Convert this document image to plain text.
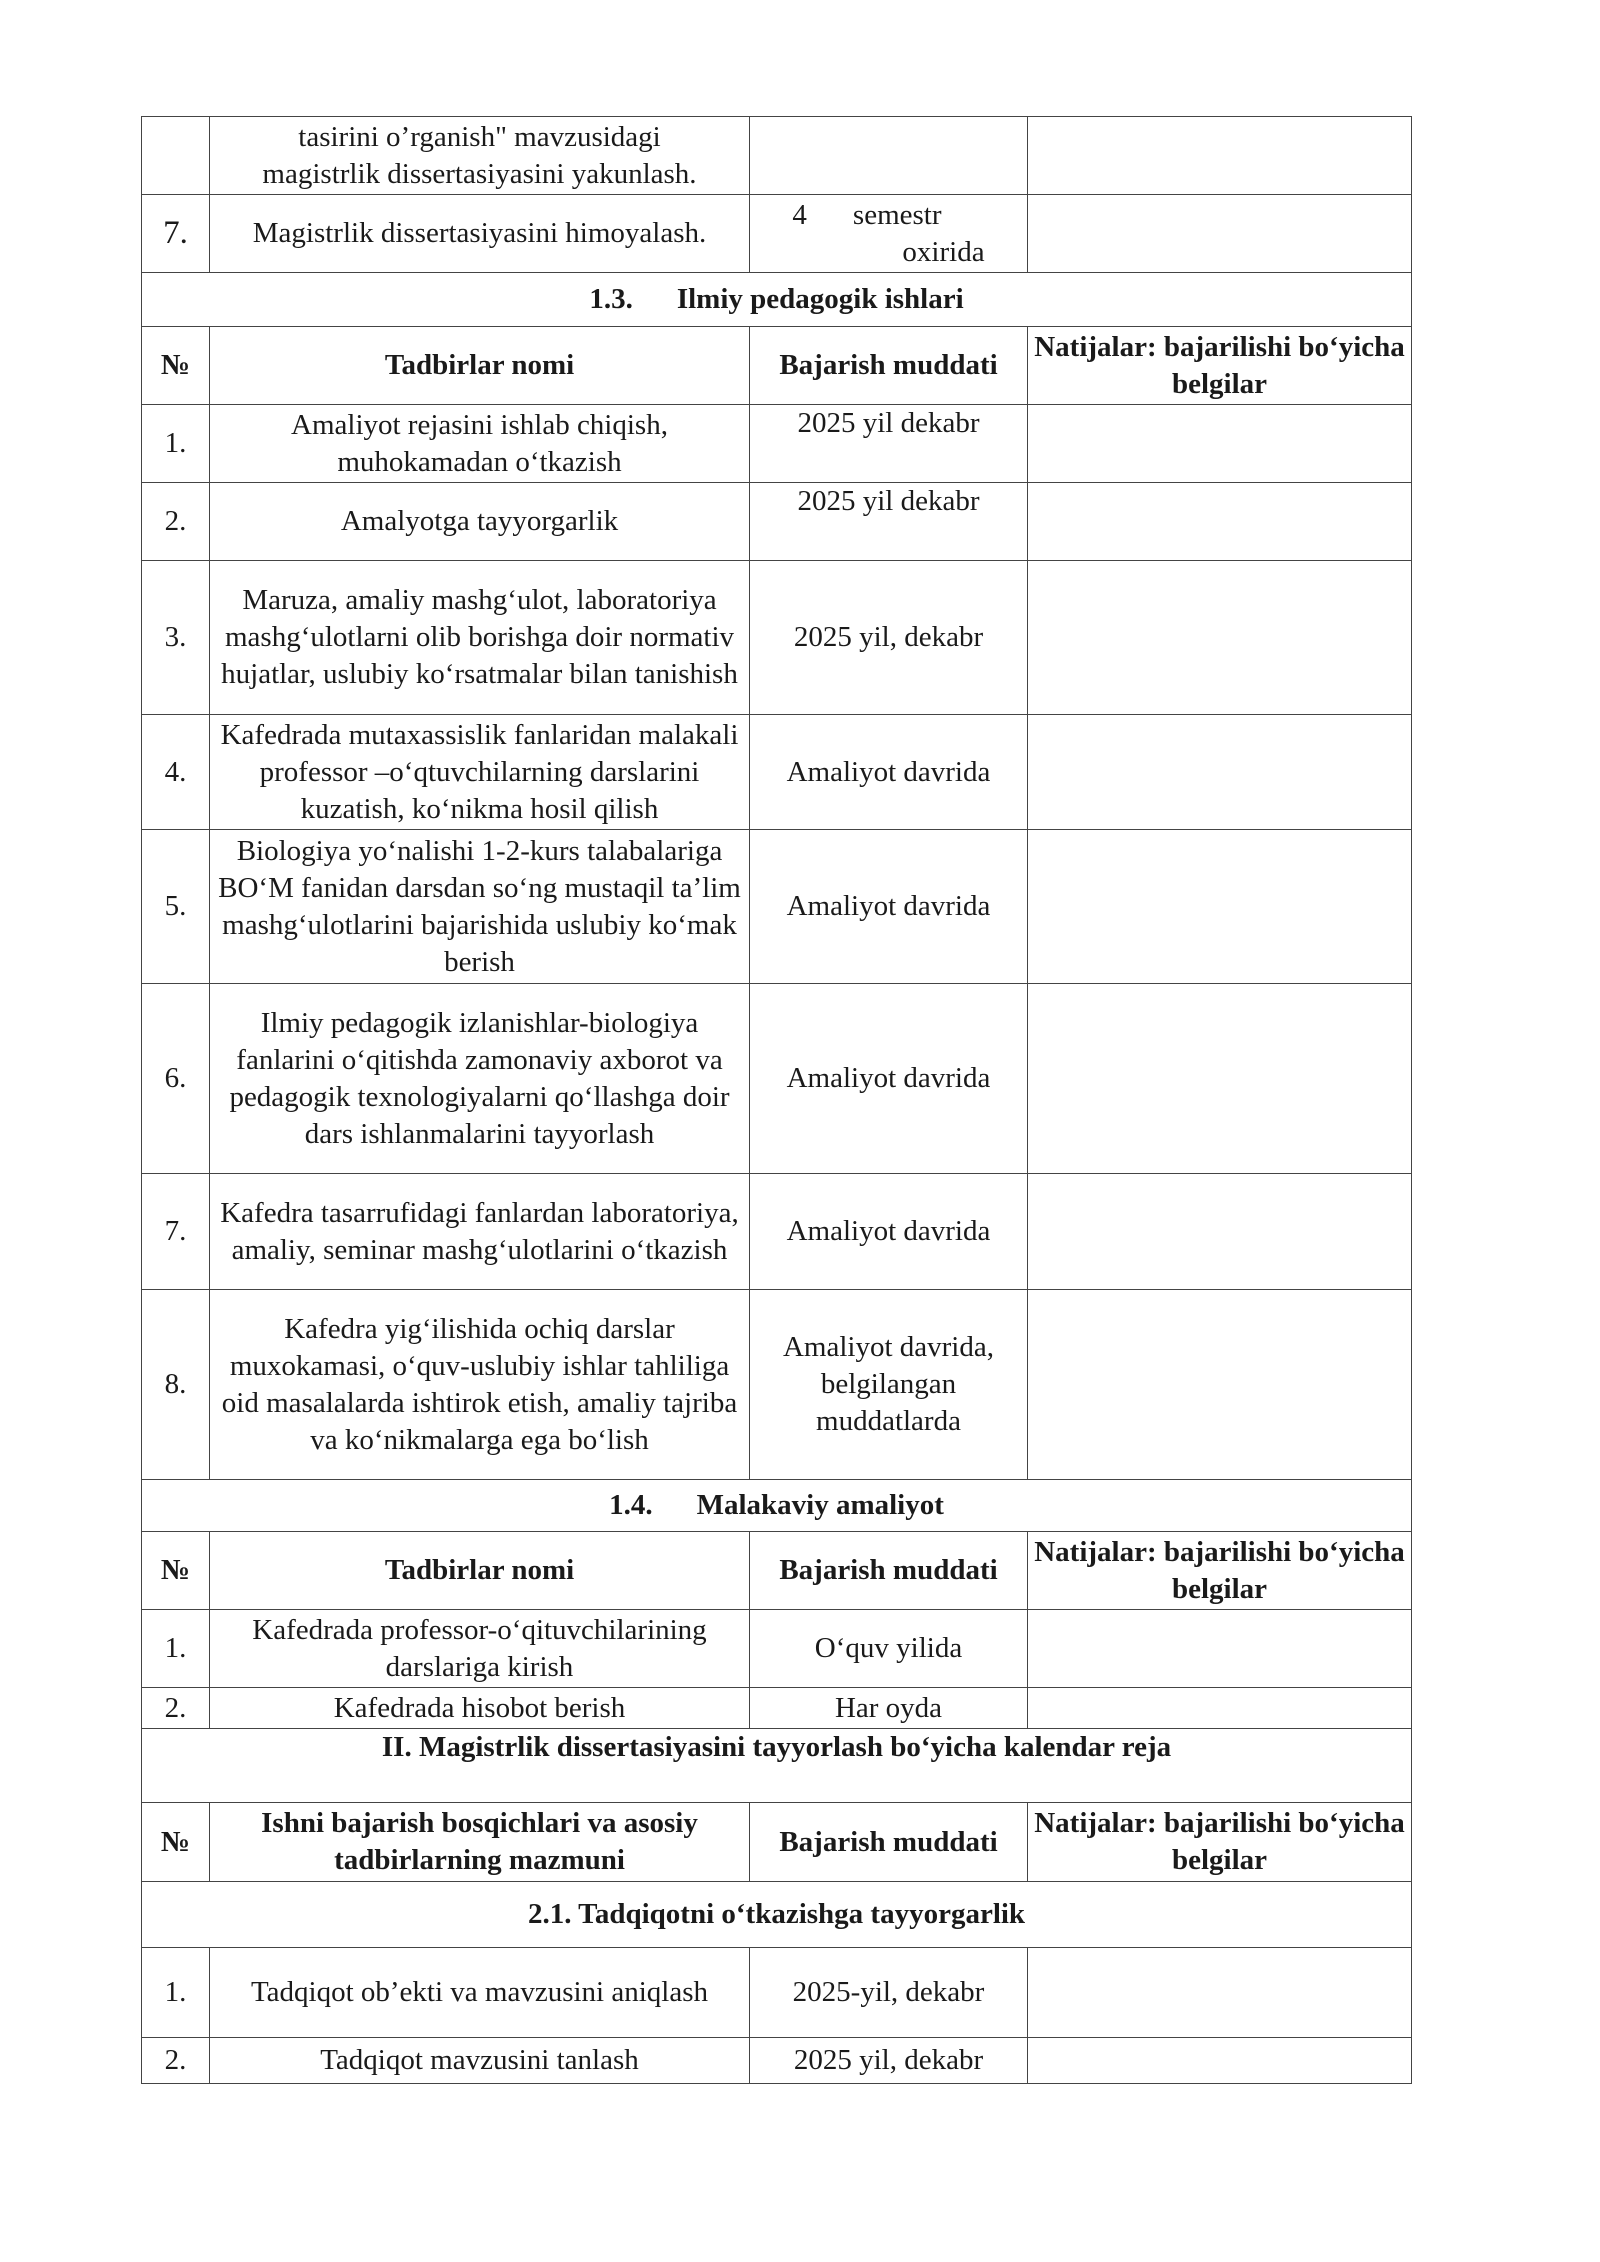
	tasirini o’rganish" mavzusidagi
magistrlik dissertasiyasini yakunlash.		
7.	Magistrlik dissertasiyasini himoyalash.	4 semestr
oxirida	
1.3. Ilmiy pedagogik ishlari			
№	Tadbirlar nomi	Bajarish muddati	Natijalar: bajarilishi bo‘yicha belgilar
1.	Amaliyot rejasini ishlab chiqish, muhokamadan o‘tkazish	2025 yil dekabr	
2.	Amalyotga tayyorgarlik	2025 yil dekabr	
3.	Maruza, amaliy mashg‘ulot, laboratoriya mashg‘ulotlarni olib borishga doir normativ hujatlar, uslubiy ko‘rsatmalar bilan tanishish	2025 yil, dekabr	
4.	Kafedrada mutaxassislik fanlaridan malakali professor –o‘qtuvchilarning darslarini kuzatish, ko‘nikma hosil qilish	Amaliyot davrida	
5.	Biologiya yo‘nalishi 1-2-kurs talabalariga BO‘M fanidan darsdan so‘ng mustaqil ta’lim mashg‘ulotlarini bajarishida uslubiy ko‘mak berish	Amaliyot davrida	
6.	Ilmiy pedagogik izlanishlar-biologiya fanlarini o‘qitishda zamonaviy axborot va pedagogik texnologiyalarni qo‘llashga doir dars ishlanmalarini tayyorlash	Amaliyot davrida	
7.	Kafedra tasarrufidagi fanlardan laboratoriya, amaliy, seminar mashg‘ulotlarini o‘tkazish	Amaliyot davrida	
8.	Kafedra yig‘ilishida ochiq darslar muxokamasi, o‘quv-uslubiy ishlar tahliliga oid masalalarda ishtirok etish, amaliy tajriba va ko‘nikmalarga ega bo‘lish	Amaliyot davrida, belgilangan muddatlarda	
1.4. Malakaviy amaliyot			
№	Tadbirlar nomi	Bajarish muddati	Natijalar: bajarilishi bo‘yicha belgilar
1.	Kafedrada professor-o‘qituvchilarining darslariga kirish	O‘quv yilida	
2.	Kafedrada hisobot berish	Har oyda	
II. Magistrlik dissertasiyasini tayyorlash bo‘yicha kalendar reja			
№	Ishni bajarish bosqichlari va asosiy tadbirlarning mazmuni	Bajarish muddati	Natijalar: bajarilishi bo‘yicha belgilar
2.1. Tadqiqotni o‘tkazishga tayyorgarlik			
1.	Tadqiqot ob’ekti va mavzusini aniqlash	2025-yil, dekabr	
2.	Tadqiqot mavzusini tanlash	2025 yil, dekabr	
